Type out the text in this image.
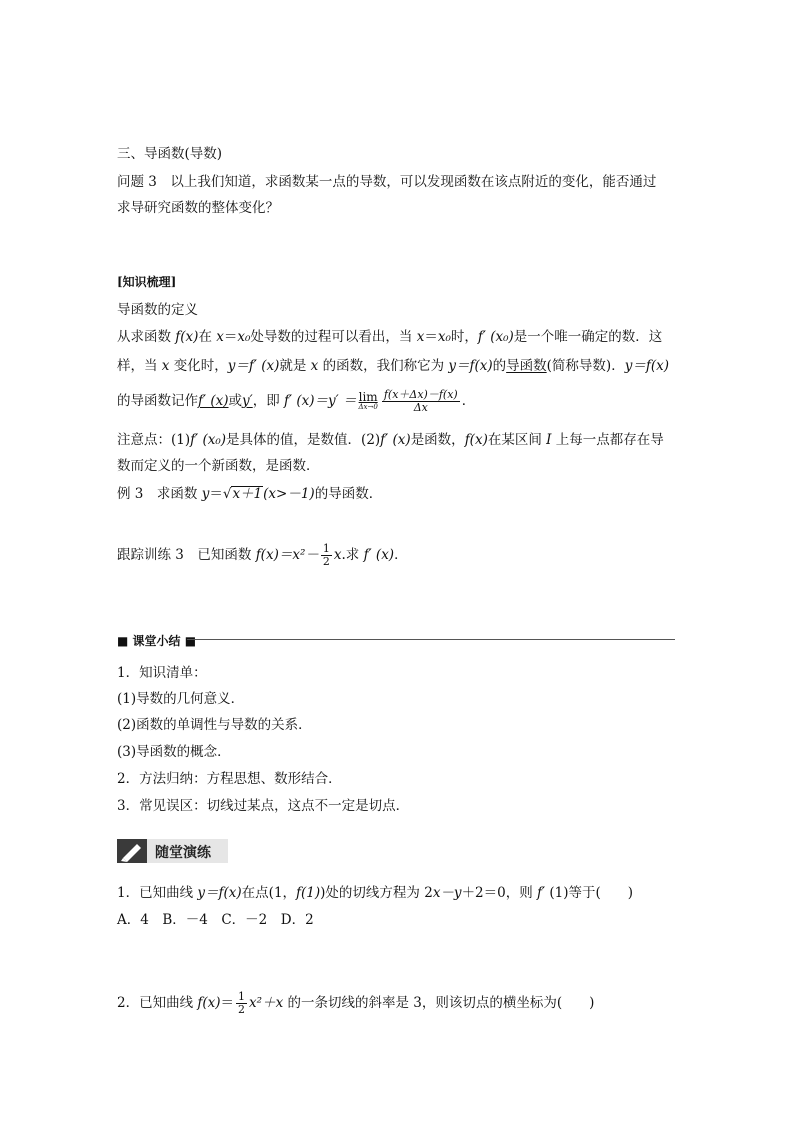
三、导函数(导数)
问题 3　 以上我们知道，求函数某一点的导数，可以发现函数在该点附近的变化，能否通过
求导研究函数的整体变化？
[知识梳理]
导函数的定义
从求函数 f(x)在 x＝x₀处导数的过程可以看出，当 x＝x₀时，f′ (x₀)是一个唯一确定的数．这
样，当 x 变化时，y＝f′ (x)就是 x 的函数，我们称它为 y＝f(x)的导函数(简称导数)．y＝f(x)
的导函数记作f′ (x)或y′，即 f′ (x)＝y′ ＝ lim
$\Delta x\to 0 \frac{f(x+\Delta x)-f(x)}{\Delta x}$ ．
注意点：(1)f′ (x₀)是具体的值，是数值．(2)f′ (x)是函数，f(x)在某区间 I 上每一点都存在导
数而定义的一个新函数，是函数．
例 3　 求函数 y＝√x＋1(x>－1)的导函数．
跟踪训练 3　 已知函数 $f(x)=x^2- \frac{1}{2} x$.求 f′ (x)．
■ 课堂小结 ■
1．知识清单：
(1)导数的几何意义．
(2)函数的单调性与导数的关系．
(3)导函数的概念．
2．方法归纳：方程思想、数形结合．
3．常见误区：切线过某点，这点不一定是切点．
随堂演练
1．已知曲线 y＝f(x)在点(1，f(1))处的切线方程为 2x－y＋2＝0，则 f′ (1)等于(　　)
A．4　B．－4　C．－2　D．2
2．已知曲线 $f(x)= \frac{1}{2} x^2+x$ 的一条切线的斜率是 3，则该切点的横坐标为(　　)
